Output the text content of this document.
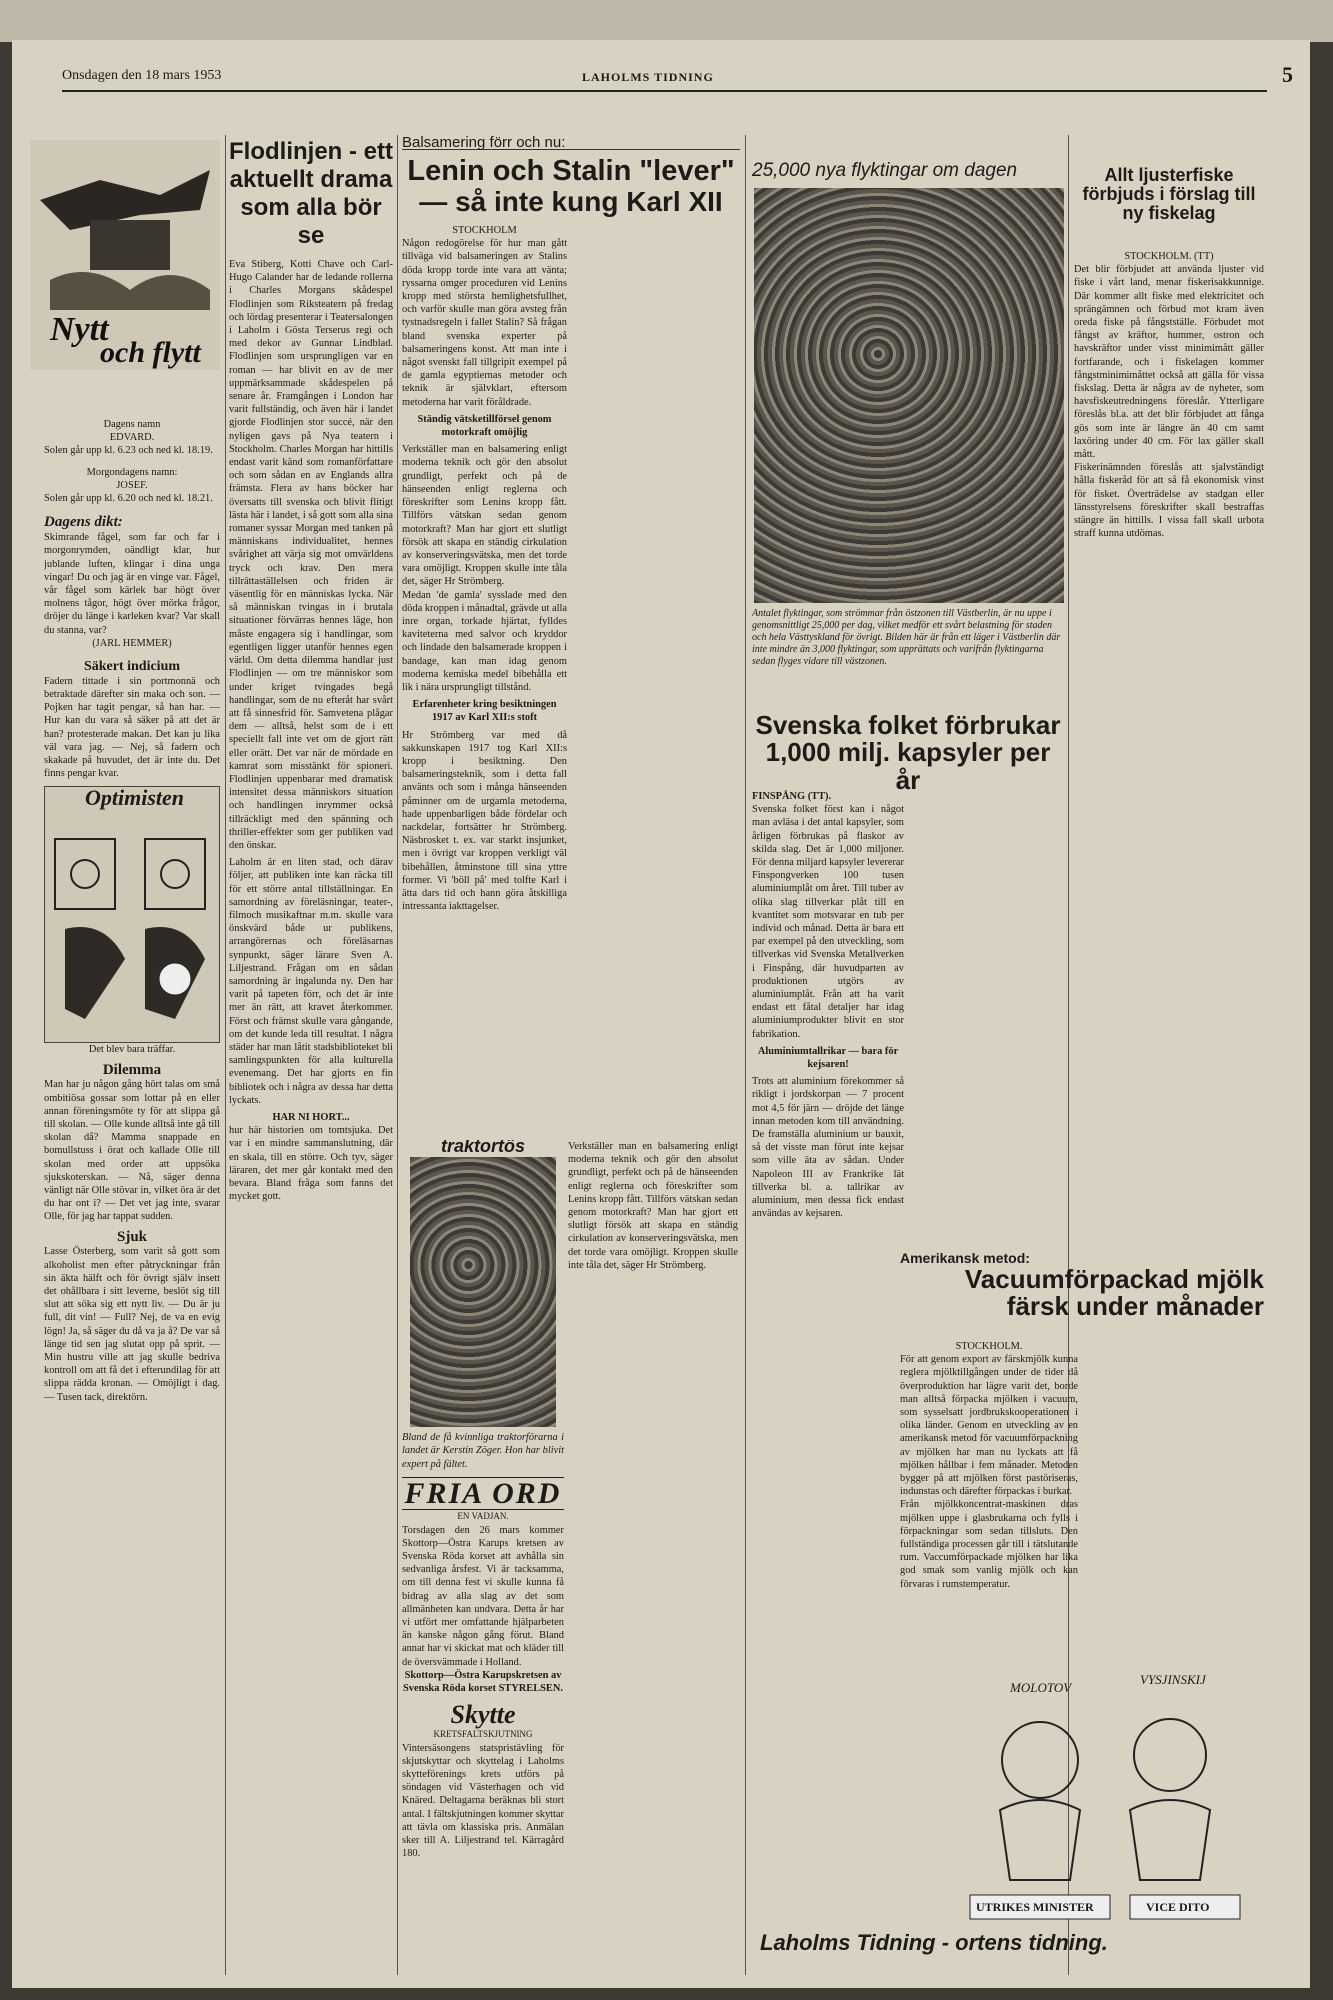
Onsdagen den 18 mars 1953	LAHOLMS TIDNING	5
Nytt
och flytt
Dagens namn
EDVARD.
Solen går upp kl. 6.23 och ned kl. 18.19.
Morgondagens namn:
JOSEF.
Solen går upp kl. 6.20 och ned kl. 18.21.
Dagens dikt:
Skimrande fågel, som far och far i morgonrymden, oändligt klar, hur jublande luften, klingar i dina unga vingar! Du och jag är en vinge var. Fågel, vår fågel som kärlek bar högt över molnens tågor, högt över mörka frågor, dröjer du länge i karleken kvar? Var skall du stanna, var?
(JARL HEMMER)
Säkert indicium
Fadern tittade i sin portmonnä och betraktade därefter sin maka och son. — Pojken har tagit pengar, så han har. — Hur kan du vara så säker på att det är han? protesterade makan. Det kan ju lika väl vara jag. — Nej, så fadern och skakade på huvudet, det är inte du. Det finns pengar kvar.
Optimisten
Det blev bara träffar.
Dilemma
Man har ju någon gång hört talas om små ombitiösa gossar som lottar på en eller annan föreningsmöte ty för att slippa gå till skolan. — Olle kunde alltså inte gå till skolan då? Mamma snappade en bomullstuss i örat och kallade Olle till skolan med order att uppsöka sjukskoterskan. — Nå, säger denna vänligt när Olle stövar in, vilket öra är det du har ont i? — Det vet jag inte, svarar Olle, för jag har tappat sudden.
Sjuk
Lasse Österberg, som varit så gott som alkoholist men efter påtryckningar från sin äkta hälft och för övrigt själv insett det ohållbara i sitt leverne, beslöt sig till slut att söka sig ett nytt liv. — Du är ju full, dit vin! — Full? Nej, de va en evig lögn! Ja, så säger du då va ja å? De var så länge tid sen jag slutat opp på sprit. — Min hustru ville att jag skulle bedriva kontroll om att få det i efterundilag för att slippa rädda kronan. — Omöjligt i dag. — Tusen tack, direktörn.
Flodlinjen - ett aktuellt drama som alla bör se
Eva Stiberg, Kotti Chave och Carl-Hugo Calander har de ledande rollerna i Charles Morgans skådespel Flodlinjen som Riksteatern på fredag och lördag presenterar i Teatersalongen i Laholm i Gösta Terserus regi och med dekor av Gunnar Lindblad. Flodlinjen som ursprungligen var en roman — har blivit en av de mer uppmärksammade skådespelen på senare år. Framgången i London har varit fullständig, och även här i landet gjorde Flodlinjen stor succé, när den nyligen gavs på Nya teatern i Stockholm. Charles Morgan har hittills endast varit känd som romanförfattare och som sådan en av Englands allra främsta. Flera av hans böcker har översatts till svenska och blivit flitigt lästa här i landet, i så gott som alla sina romaner syssar Morgan med tanken på människans individualitet, hennes svårighet att värja sig mot omvärldens tryck och krav. Den mera tillrättaställelsen och friden är väsentlig för en människas lycka. När så människan tvingas in i brutala situationer förvärras hennes läge, hon måste engagera sig i handlingar, som egentligen ligger utanför hennes egen värld. Om detta dilemma handlar just Flodlinjen — om tre människor som under kriget tvingades begå handlingar, som de nu efteråt har svårt att få sinnesfrid för. Samvetena plågar dem — alltså, helst som de i ett speciellt fall inte vet om de gjort rätt eller orätt. Det var när de mördade en kamrat som misstänkt för spioneri. Flodlinjen uppenbarar med dramatisk intensitet dessa människors situation och handlingen inrymmer också tillräckligt med den spänning och thriller-effekter som ger publiken vad den önskar.
Laholm är en liten stad, och därav följer, att publiken inte kan räcka till för ett större antal tillställningar. En samordning av föreläsningar, teater-, filmoch musikaftnar m.m. skulle vara önskvärd både ur publikens, arrangörernas och föreläsarnas synpunkt, säger lärare Sven A. Liljestrand. Frågan om en sådan samordning är ingalunda ny. Den har varit på tapeten förr, och det är inte mer än rätt, att kravet återkommer. Först och främst skulle vara gångande, om det kunde leda till resultat. I några städer har man låtit stadsbiblioteket bli samlingspunkten för alla kulturella evenemang. Det har gjorts en fin bibliotek och i några av dessa har detta lyckats.
HAR NI HORT...
hur här historien om tomtsjuka. Det var i en mindre sammanslutning, där en skala, till en större. Och tyv, säger läraren, det mer går kontakt med den bevara. Bland fråga som fanns det mycket gott.
Balsamering förr och nu:
Lenin och Stalin "lever"
— så inte kung Karl XII
STOCKHOLM
Någon redogörelse för hur man gått tillväga vid balsameringen av Stalins döda kropp torde inte vara att vänta; ryssarna omger proceduren vid Lenins kropp med största hemlighetsfullhet, och varför skulle man göra avsteg från tystnadsregeln i fallet Stalin? Så frågan bland svenska experter på balsameringens konst. Att man inte i något svenskt fall tillgripit exempel på de gamla egyptiernas metoder och teknik är självklart, eftersom metoderna har varit föråldrade.
Ständig vätsketillförsel genom motorkraft omöjlig
Verkställer man en balsamering enligt moderna teknik och gör den absolut grundligt, perfekt och på de hänseenden enligt reglerna och föreskrifter som Lenins kropp fått. Tillförs vätskan sedan genom motorkraft? Man har gjort ett slutligt försök att skapa en ständig cirkulation av konserveringsvätska, men det torde vara omöjligt. Kroppen skulle inte tåla det, säger Hr Strömberg.
Medan 'de gamla' sysslade med den döda kroppen i månadtal, grävde ut alla inre organ, torkade hjärtat, fylldes kaviteterna med salvor och kryddor och lindade den balsamerade kroppen i bandage, kan man idag genom moderna kemiska medel bibehålla ett lik i nära ursprungligt tillstånd.
Erfarenheter kring besiktningen 1917 av Karl XII:s stoft
Hr Strömberg var med då sakkunskapen 1917 tog Karl XII:s kropp i besiktning. Den balsameringsteknik, som i detta fall använts och som i många hänseenden påminner om de urgamla metoderna, hade uppenbarligen både fördelar och nackdelar, fortsätter hr Strömberg. Näsbrosket t. ex. var starkt insjunket, men i övrigt var kroppen verkligt väl bibehållen, åtminstone till sina yttre former. Vi 'böll på' med tolfte Karl i ätta dars tid och hann göra åtskilliga intressanta iakttagelser.
Verkställer man en balsamering enligt moderna teknik och gör den absolut grundligt, perfekt och på de hänseenden enligt reglerna och föreskrifter som Lenins kropp fått. Tillförs vätskan sedan genom motorkraft? Man har gjort ett slutligt försök att skapa en ständig cirkulation av konserveringsvätska, men det torde vara omöjligt. Kroppen skulle inte tåla det, säger Hr Strömberg.
traktortös
Bland de få kvinnliga traktorförarna i landet är Kerstin Zöger. Hon har blivit expert på fältet.
FRIA ORD
EN VADJAN.
Torsdagen den 26 mars kommer Skottorp—Östra Karups kretsen av Svenska Röda korset att avhålla sin sedvanliga årsfest. Vi är tacksamma, om till denna fest vi skulle kunna få bidrag av alla slag av det som allmänheten kan undvara. Detta år har vi utfört mer omfattande hjälparbeten än kanske någon gång förut. Bland annat har vi skickat mat och kläder till de översvämmade i Holland.
Skottorp—Östra Karupskretsen av Svenska Röda korset STYRELSEN.
Skytte
KRETSFALTSKJUTNING
Vintersäsongens statspristävling för skjutskyttar och skyttelag i Laholms skytteförenings krets utförs på söndagen vid Västerhagen och vid Knäred. Deltagarna beräknas bli stort antal. I fältskjutningen kommer skyttar att tävla om klassiska pris. Anmälan sker till A. Liljestrand tel. Kärragård 180.
25,000 nya flyktingar om dagen
Antalet flyktingar, som strömmar från östzonen till Västberlin, är nu uppe i genomsnittligt 25,000 per dag, vilket medför ett svårt belastning för staden och hela Västtyskland för övrigt. Bilden här är från ett läger i Västberlin där inte mindre än 3,000 flyktingar, som upprättats och varifrån flyktingarna sedan flyges vidare till västzonen.
Svenska folket förbrukar 1,000 milj. kapsyler per år
FINSPÅNG (TT).
Svenska folket först kan i något man avläsa i det antal kapsyler, som årligen förbrukas på flaskor av skilda slag. Det är 1,000 miljoner. För denna miljard kapsyler levererar Finspongverken 100 tusen aluminiumplåt om året. Till tuber av olika slag tillverkar plåt till en kvantitet som motsvarar en tub per individ och månad. Detta är bara ett par exempel på den utveckling, som tillverkas vid Svenska Metallverken i Finspång, där huvudparten av produktionen utgörs av aluminiumplåt. Från att ha varit endast ett fåtal detaljer har idag aluminiumprodukter blivit en stor fabrikation.
Aluminiumtallrikar — bara för kejsaren!
Trots att aluminium förekommer så rikligt i jordskorpan — 7 procent mot 4,5 för järn — dröjde det länge innan metoden kom till användning. De framställa aluminium ur bauxit, så det visste man förut inte kejsar som ville äta av sådan. Under Napoleon III av Frankrike lät tillverka bl. a. tallrikar av aluminium, men dessa fick endast användas av kejsaren.
Allt ljusterfiske förbjuds i förslag till ny fiskelag
STOCKHOLM. (TT)
Det blir förbjudet att använda ljuster vid fiske i vårt land, menar fiskerisakkunnige. Där kommer allt fiske med elektricitet och sprängämnen och förbud mot kram även oreda fiske på fångstställe. Förbudet mot fångst av kräftor, hummer, ostron och havskräftor under visst minimimått gäller fortfarande, och i fiskelagen kommer fångstminimimåttet också att gälla för vissa fiskslag. Detta är några av de nyheter, som havsfiskeutredningens föreslår. Ytterligare föreslås bl.a. att det blir förbjudet att fånga gös som inte är längre än 40 cm samt laxöring under 40 cm. För lax gäller skall mått.
Fiskerinämnden föreslås att sjalvständigt hålla fiskeråd för att så få ekonomisk vinst för fisket. Överträdelse av stadgan eller länsstyrelsens föreskrifter skall bestraffas stängre än hittills. I vissa fall skall urbota straff kunna utdömas.
Amerikansk metod:
Vacuumförpackad mjölk färsk under månader
STOCKHOLM.
För att genom export av färskmjölk kunna reglera mjölktillgången under de tider då överproduktion har lägre varit det, borde man alltså förpacka mjölken i vacuum, som sysselsatt jordbrukskooperationen i olika länder. Genom en utveckling av en amerikansk metod för vacuumförpackning av mjölken har man nu lyckats att få mjölken hållbar i fem månader. Metoden bygger på att mjölken först pastöriseras, indunstas och därefter förpackas i burkar.
Från mjölkkoncentrat-maskinen dras mjölken uppe i glasbrukarna och fylls i förpackningar som sedan tillsluts. Den fullständiga processen går till i tätslutande rum. Vaccumförpackade mjölken har lika god smak som vanlig mjölk och kan förvaras i rumstemperatur.
MOLOTOV
VYSJINSKIJ
UTRIKES MINISTER	VICE DITO
Laholms Tidning - ortens tidning.
